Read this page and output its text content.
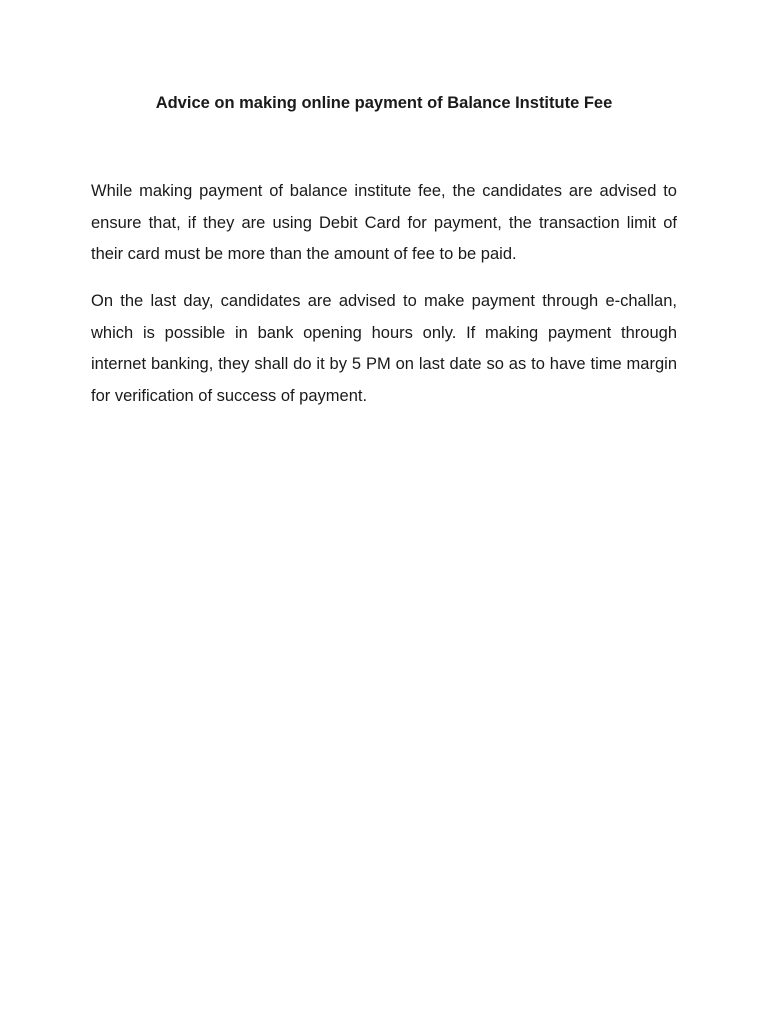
Advice on making online payment of Balance Institute Fee

While making payment of balance institute fee, the candidates are advised to ensure that, if they are using Debit Card for payment, the transaction limit of their card must be more than the amount of fee to be paid.

On the last day, candidates are advised to make payment through e-challan, which is possible in bank opening hours only. If making payment through internet banking, they shall do it by 5 PM on last date so as to have time margin for verification of success of payment.
